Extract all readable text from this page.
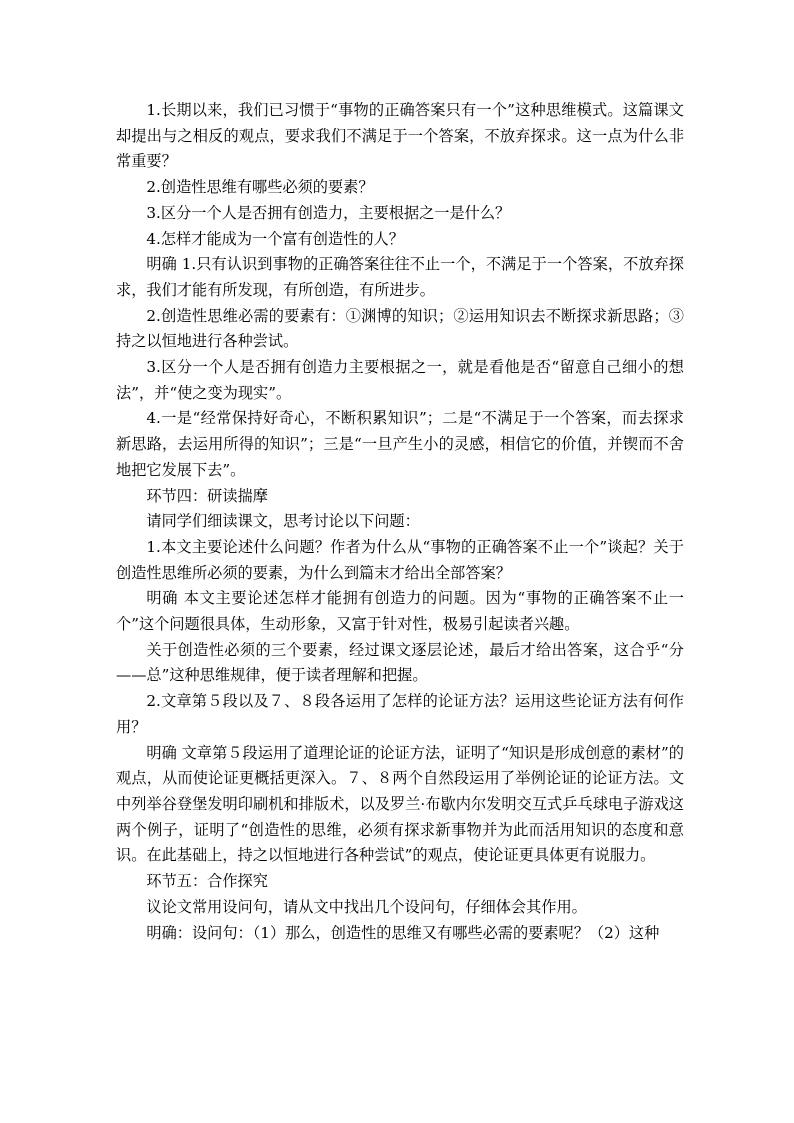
1.长期以来，我们已习惯于“事物的正确答案只有一个”这种思维模式。这篇课文却提出与之相反的观点，要求我们不满足于一个答案，不放弃探求。这一点为什么非常重要？

2.创造性思维有哪些必须的要素？

3.区分一个人是否拥有创造力，主要根据之一是什么？

4.怎样才能成为一个富有创造性的人？

明确 1.只有认识到事物的正确答案往往不止一个，不满足于一个答案，不放弃探求，我们才能有所发现，有所创造，有所进步。

2.创造性思维必需的要素有：①渊博的知识；②运用知识去不断探求新思路；③持之以恒地进行各种尝试。

3.区分一个人是否拥有创造力主要根据之一，就是看他是否“留意自己细小的想法”，并“使之变为现实”。

4.一是“经常保持好奇心，不断积累知识”；二是“不满足于一个答案，而去探求新思路，去运用所得的知识”；三是“一旦产生小的灵感，相信它的价值，并锲而不舍地把它发展下去”。

环节四：研读揣摩

请同学们细读课文，思考讨论以下问题：

1.本文主要论述什么问题？作者为什么从“事物的正确答案不止一个”谈起？关于创造性思维所必须的要素，为什么到篇末才给出全部答案？

明确 本文主要论述怎样才能拥有创造力的问题。因为“事物的正确答案不止一个”这个问题很具体，生动形象，又富于针对性，极易引起读者兴趣。

关于创造性必须的三个要素，经过课文逐层论述，最后才给出答案，这合乎“分——总”这种思维规律，便于读者理解和把握。

2.文章第５段以及７、８段各运用了怎样的论证方法？运用这些论证方法有何作用？

明确 文章第５段运用了道理论证的论证方法，证明了“知识是形成创意的素材”的观点，从而使论证更概括更深入。７、８两个自然段运用了举例论证的论证方法。文中列举谷登堡发明印刷机和排版术，以及罗兰·布歇内尔发明交互式乒乓球电子游戏这两个例子，证明了“创造性的思维，必须有探求新事物并为此而活用知识的态度和意识。在此基础上，持之以恒地进行各种尝试”的观点，使论证更具体更有说服力。

环节五：合作探究

议论文常用设问句，请从文中找出几个设问句，仔细体会其作用。

明确：设问句：（1）那么，创造性的思维又有哪些必需的要素呢？（2）这种
